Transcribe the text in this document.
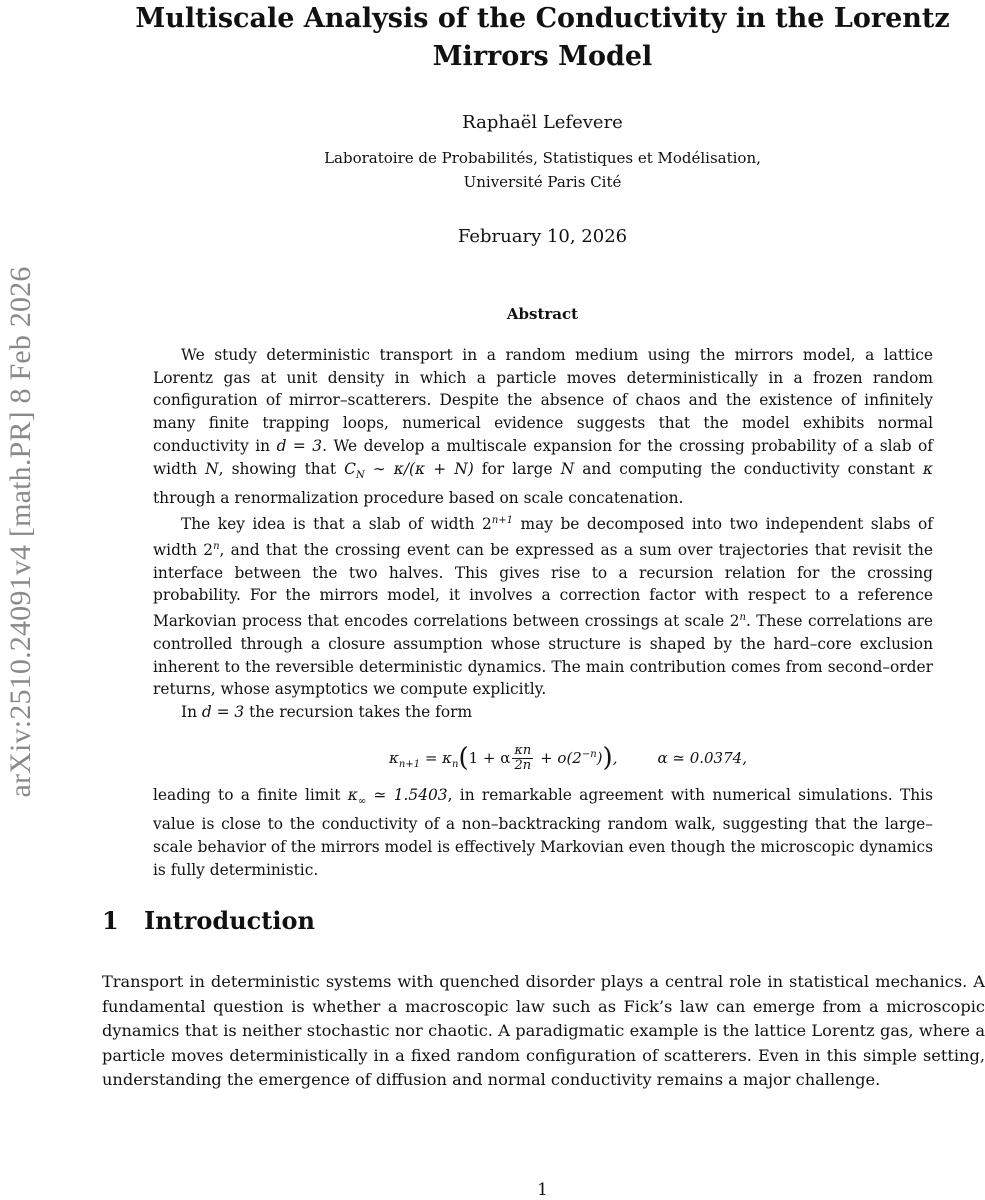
arXiv:2510.24091v4 [math.PR] 8 Feb 2026
Multiscale Analysis of the Conductivity in the Lorentz Mirrors Model

Raphaël Lefevere

Laboratoire de Probabilités, Statistiques et Modélisation,
Université Paris Cité

February 10, 2026

Abstract

We study deterministic transport in a random medium using the mirrors model, a lattice Lorentz gas at unit density in which a particle moves deterministically in a frozen random configuration of mirror–scatterers. Despite the absence of chaos and the existence of infinitely many finite trapping loops, numerical evidence suggests that the model exhibits normal conductivity in d = 3. We develop a multiscale expansion for the crossing probability of a slab of width N, showing that $C_N$ ∼ κ/(κ + N) for large N and computing the conductivity constant κ through a renormalization procedure based on scale concatenation.

The key idea is that a slab of width $2^{n+1}$ may be decomposed into two independent slabs of width 2$^n$, and that the crossing event can be expressed as a sum over trajectories that revisit the interface between the two halves. This gives rise to a recursion relation for the crossing probability. For the mirrors model, it involves a correction factor with respect to a reference Markovian process that encodes correlations between crossings at scale 2$^n$. These correlations are controlled through a closure assumption whose structure is shaped by the hard–core exclusion inherent to the reversible deterministic dynamics. The main contribution comes from second–order returns, whose asymptotics we compute explicitly.

In d = 3 the recursion takes the form

$\kappa_{n+1} = \kappa_n(1 + \alpha \frac{\kappa n}{2n} + o(2^{-n}))$,	α ≃ 0.0374,

leading to a finite limit $\kappa_\infty$ ≃ 1.5403, in remarkable agreement with numerical simulations. This value is close to the conductivity of a non–backtracking random walk, suggesting that the large–scale behavior of the mirrors model is effectively Markovian even though the microscopic dynamics is fully deterministic.

1 Introduction

Transport in deterministic systems with quenched disorder plays a central role in statistical mechanics. A fundamental question is whether a macroscopic law such as Fick’s law can emerge from a microscopic dynamics that is neither stochastic nor chaotic. A paradigmatic example is the lattice Lorentz gas, where a particle moves deterministically in a fixed random configuration of scatterers. Even in this simple setting, understanding the emergence of diffusion and normal conductivity remains a major challenge.

1
